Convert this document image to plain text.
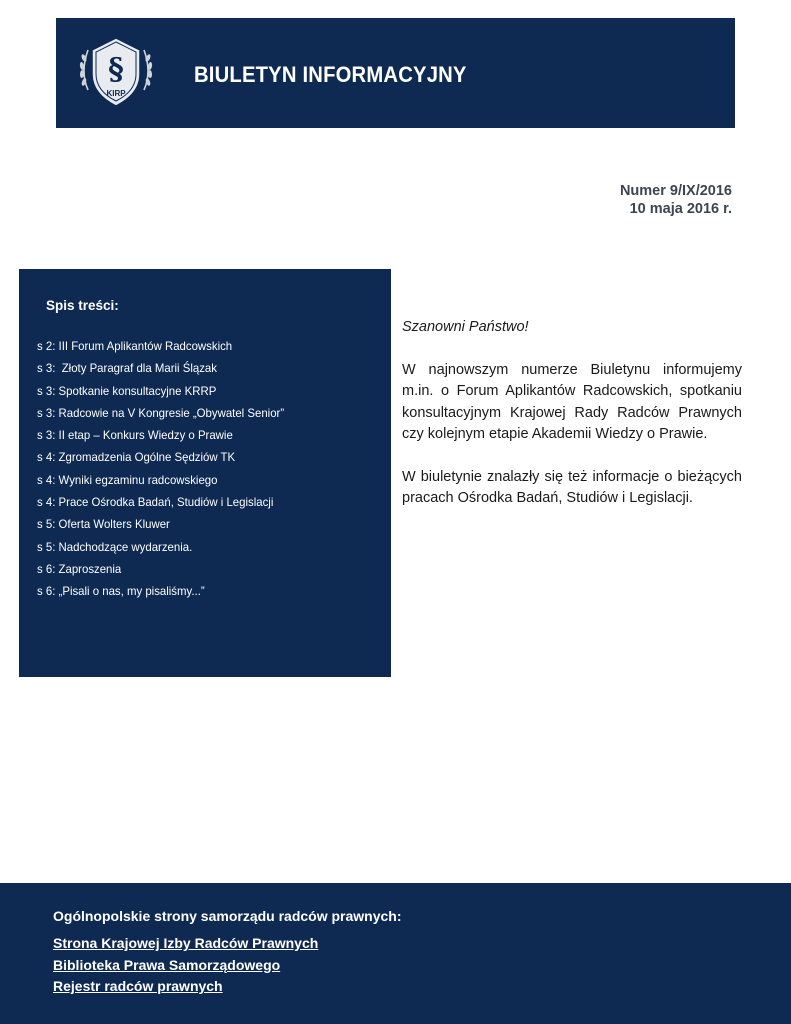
§
KIRP
BIULETYN INFORMACYJNY
Numer 9/IX/2016
10 maja 2016 r.
Spis treści:
s 2: III Forum Aplikantów Radcowskich
s 3:  Złoty Paragraf dla Marii Ślązak
s 3: Spotkanie konsultacyjne KRRP
s 3: Radcowie na V Kongresie „Obywatel Senior”
s 3: II etap – Konkurs Wiedzy o Prawie
s 4: Zgromadzenia Ogólne Sędziów TK
s 4: Wyniki egzaminu radcowskiego
s 4: Prace Ośrodka Badań, Studiów i Legislacji
s 5: Oferta Wolters Kluwer
s 5: Nadchodzące wydarzenia.
s 6: Zaproszenia
s 6: „Pisali o nas, my pisaliśmy...”

Szanowni Państwo!

W najnowszym numerze Biuletynu informujemy m.in. o Forum Aplikantów Radcowskich, spotkaniu konsultacyjnym Krajowej Rady Radców Prawnych czy kolejnym etapie Akademii Wiedzy o Prawie.

W biuletynie znalazły się też informacje o bieżących pracach Ośrodka Badań, Studiów i Legislacji.

Ogólnopolskie strony samorządu radców prawnych:
Strona Krajowej Izby Radców Prawnych
Biblioteka Prawa Samorządowego
Rejestr radców prawnych
